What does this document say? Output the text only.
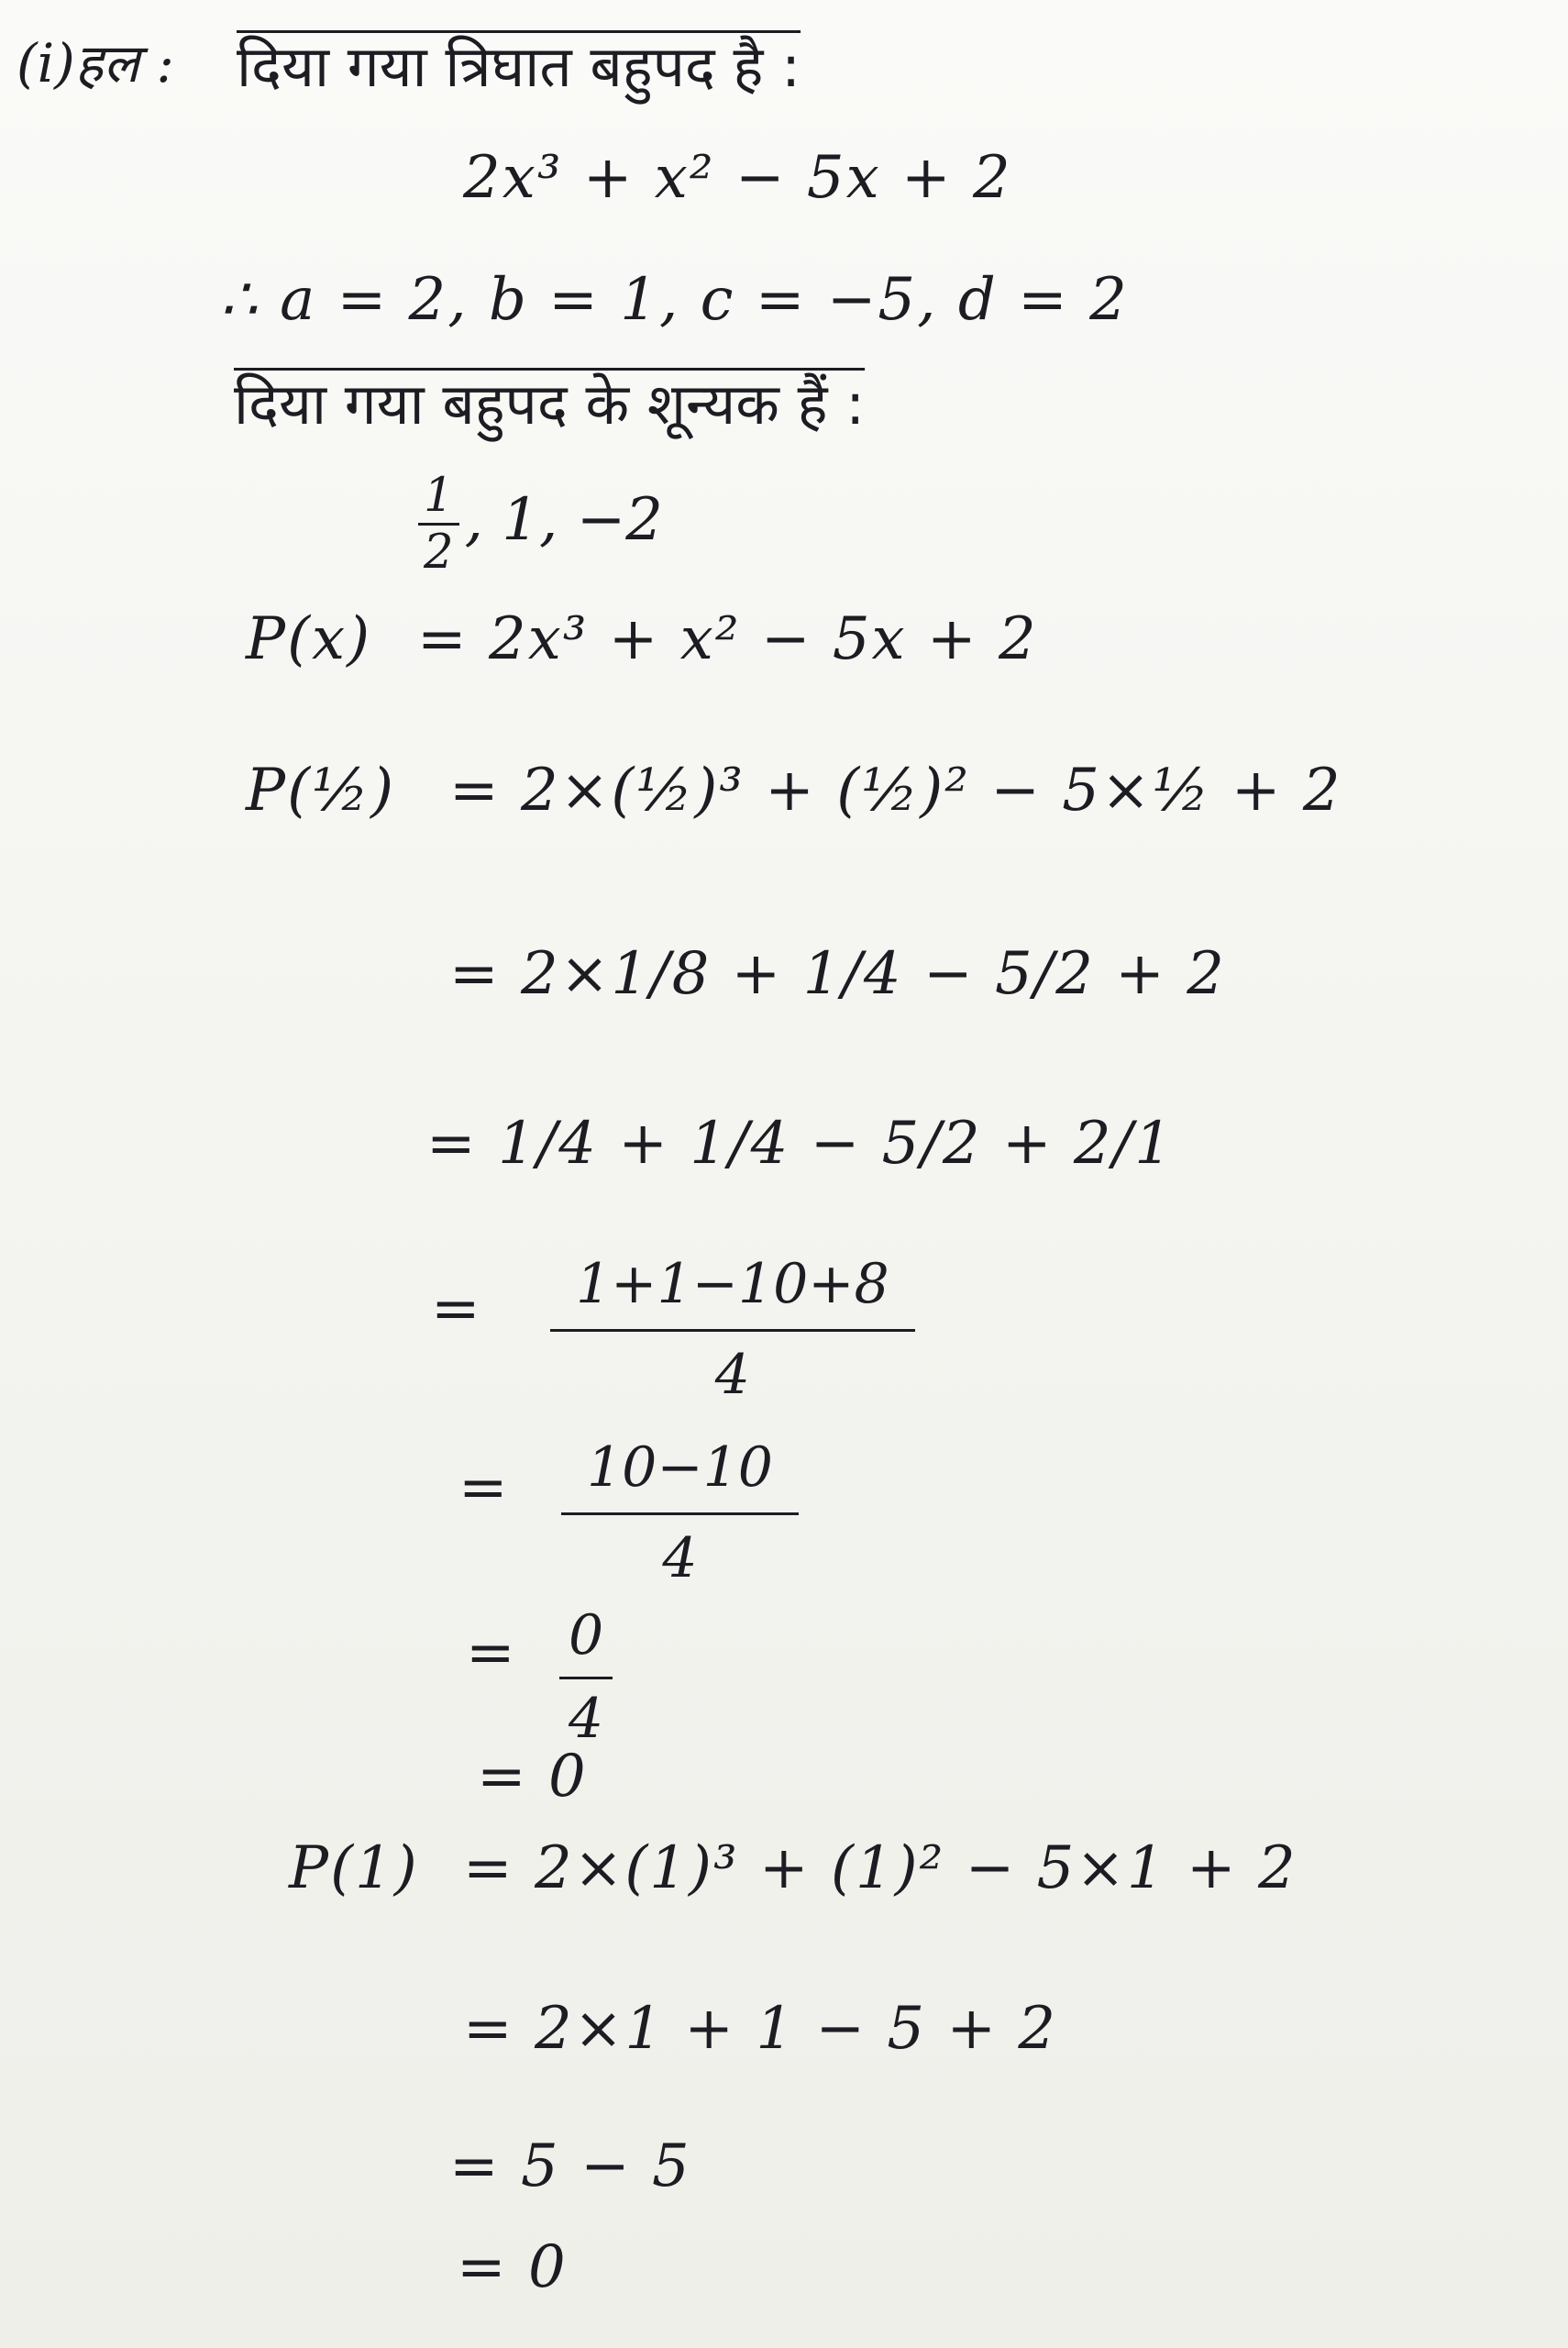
(i)हल : दिया गया त्रिघात बहुपद है :
2x³ + x² − 5x + 2
∴ a = 2, b = 1, c = −5, d = 2
दिया गया बहुपद के शून्यक हैं :
$\frac{1}{2}$ , 1, −2
P(x) = 2x³ + x² − 5x + 2
P(½) = 2×(½)³ + (½)² − 5×½ + 2
= 2×1/8 + 1/4 − 5/2 + 2
= 1/4 + 1/4 − 5/2 + 2/1
= $\frac{1+1-10+8}{4}$
= $\frac{10-10}{4}$
= $\frac{0}{4}$
= 0
P(1) = 2×(1)³ + (1)² − 5×1 + 2
= 2×1 + 1 − 5 + 2
= 5 − 5
= 0
